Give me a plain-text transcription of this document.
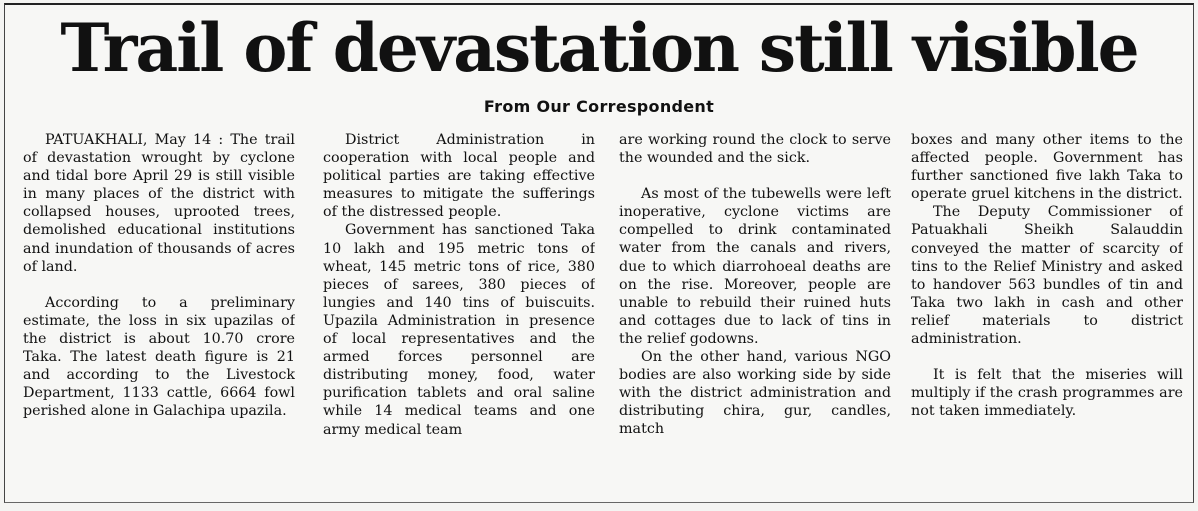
Trail of devastation still visible
From Our Correspondent

PATUAKHALI, May 14 : The trail of devastation wrought by cyclone and tidal bore April 29 is still visible in many places of the district with collapsed houses, uprooted trees, demolished educational institutions and inundation of thousands of acres of land.

According to a preliminary estimate, the loss in six upazilas of the district is about 10.70 crore Taka. The latest death figure is 21 and according to the Livestock Department, 1133 cattle, 6664 fowl perished alone in Galachipa upazila.

District Administration in cooperation with local people and political parties are taking effective measures to mitigate the sufferings of the distressed people.

Government has sanctioned Taka 10 lakh and 195 metric tons of wheat, 145 metric tons of rice, 380 pieces of sarees, 380 pieces of lungies and 140 tins of buiscuits. Upazila Administration in presence of local representatives and the armed forces personnel are distributing money, food, water purification tablets and oral saline while 14 medical teams and one army medical team

are working round the clock to serve the wounded and the sick.

As most of the tubewells were left inoperative, cyclone victims are compelled to drink contaminated water from the canals and rivers, due to which diarrohoeal deaths are on the rise. Moreover, people are unable to rebuild their ruined huts and cottages due to lack of tins in the relief godowns.

On the other hand, various NGO bodies are also working side by side with the district administration and distributing chira, gur, candles, match

boxes and many other items to the affected people. Government has further sanctioned five lakh Taka to operate gruel kitchens in the district.

The Deputy Commissioner of Patuakhali Sheikh Salauddin conveyed the matter of scarcity of tins to the Relief Ministry and asked to handover 563 bundles of tin and Taka two lakh in cash and other relief materials to district administration.

It is felt that the miseries will multiply if the crash programmes are not taken immediately.
